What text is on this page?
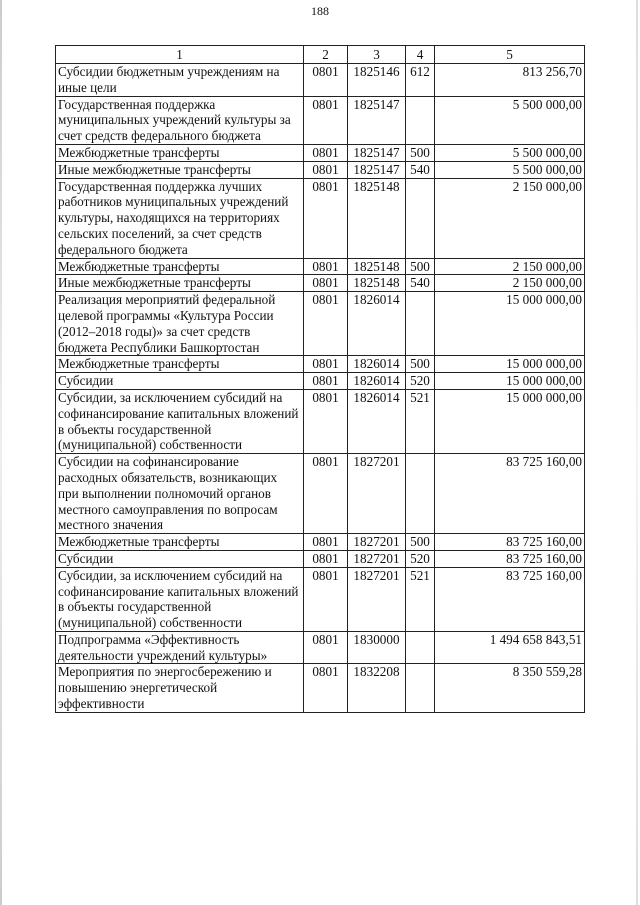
188
1	2	3	4	5
Субсидии бюджетным учреждениям на иные цели	0801	1825146	612	813 256,70
Государственная поддержка муниципальных учреждений культуры за счет средств федерального бюджета	0801	1825147		5 500 000,00
Межбюджетные трансферты	0801	1825147	500	5 500 000,00
Иные межбюджетные трансферты	0801	1825147	540	5 500 000,00
Государственная поддержка лучших работников муниципальных учреждений культуры, находящихся на территориях сельских поселений, за счет средств федерального бюджета	0801	1825148		2 150 000,00
Межбюджетные трансферты	0801	1825148	500	2 150 000,00
Иные межбюджетные трансферты	0801	1825148	540	2 150 000,00
Реализация мероприятий федеральной целевой программы «Культура России (2012–2018 годы)» за счет средств бюджета Республики Башкортостан	0801	1826014		15 000 000,00
Межбюджетные трансферты	0801	1826014	500	15 000 000,00
Субсидии	0801	1826014	520	15 000 000,00
Субсидии, за исключением субсидий на софинансирование капитальных вложений в объекты государственной (муниципальной) собственности	0801	1826014	521	15 000 000,00
Субсидии на софинансирование расходных обязательств, возникающих при выполнении полномочий органов местного самоуправления по вопросам местного значения	0801	1827201		83 725 160,00
Межбюджетные трансферты	0801	1827201	500	83 725 160,00
Субсидии	0801	1827201	520	83 725 160,00
Субсидии, за исключением субсидий на софинансирование капитальных вложений в объекты государственной (муниципальной) собственности	0801	1827201	521	83 725 160,00
Подпрограмма «Эффективность деятельности учреждений культуры»	0801	1830000		1 494 658 843,51
Мероприятия по энергосбережению и повышению энергетической эффективности	0801	1832208		8 350 559,28
